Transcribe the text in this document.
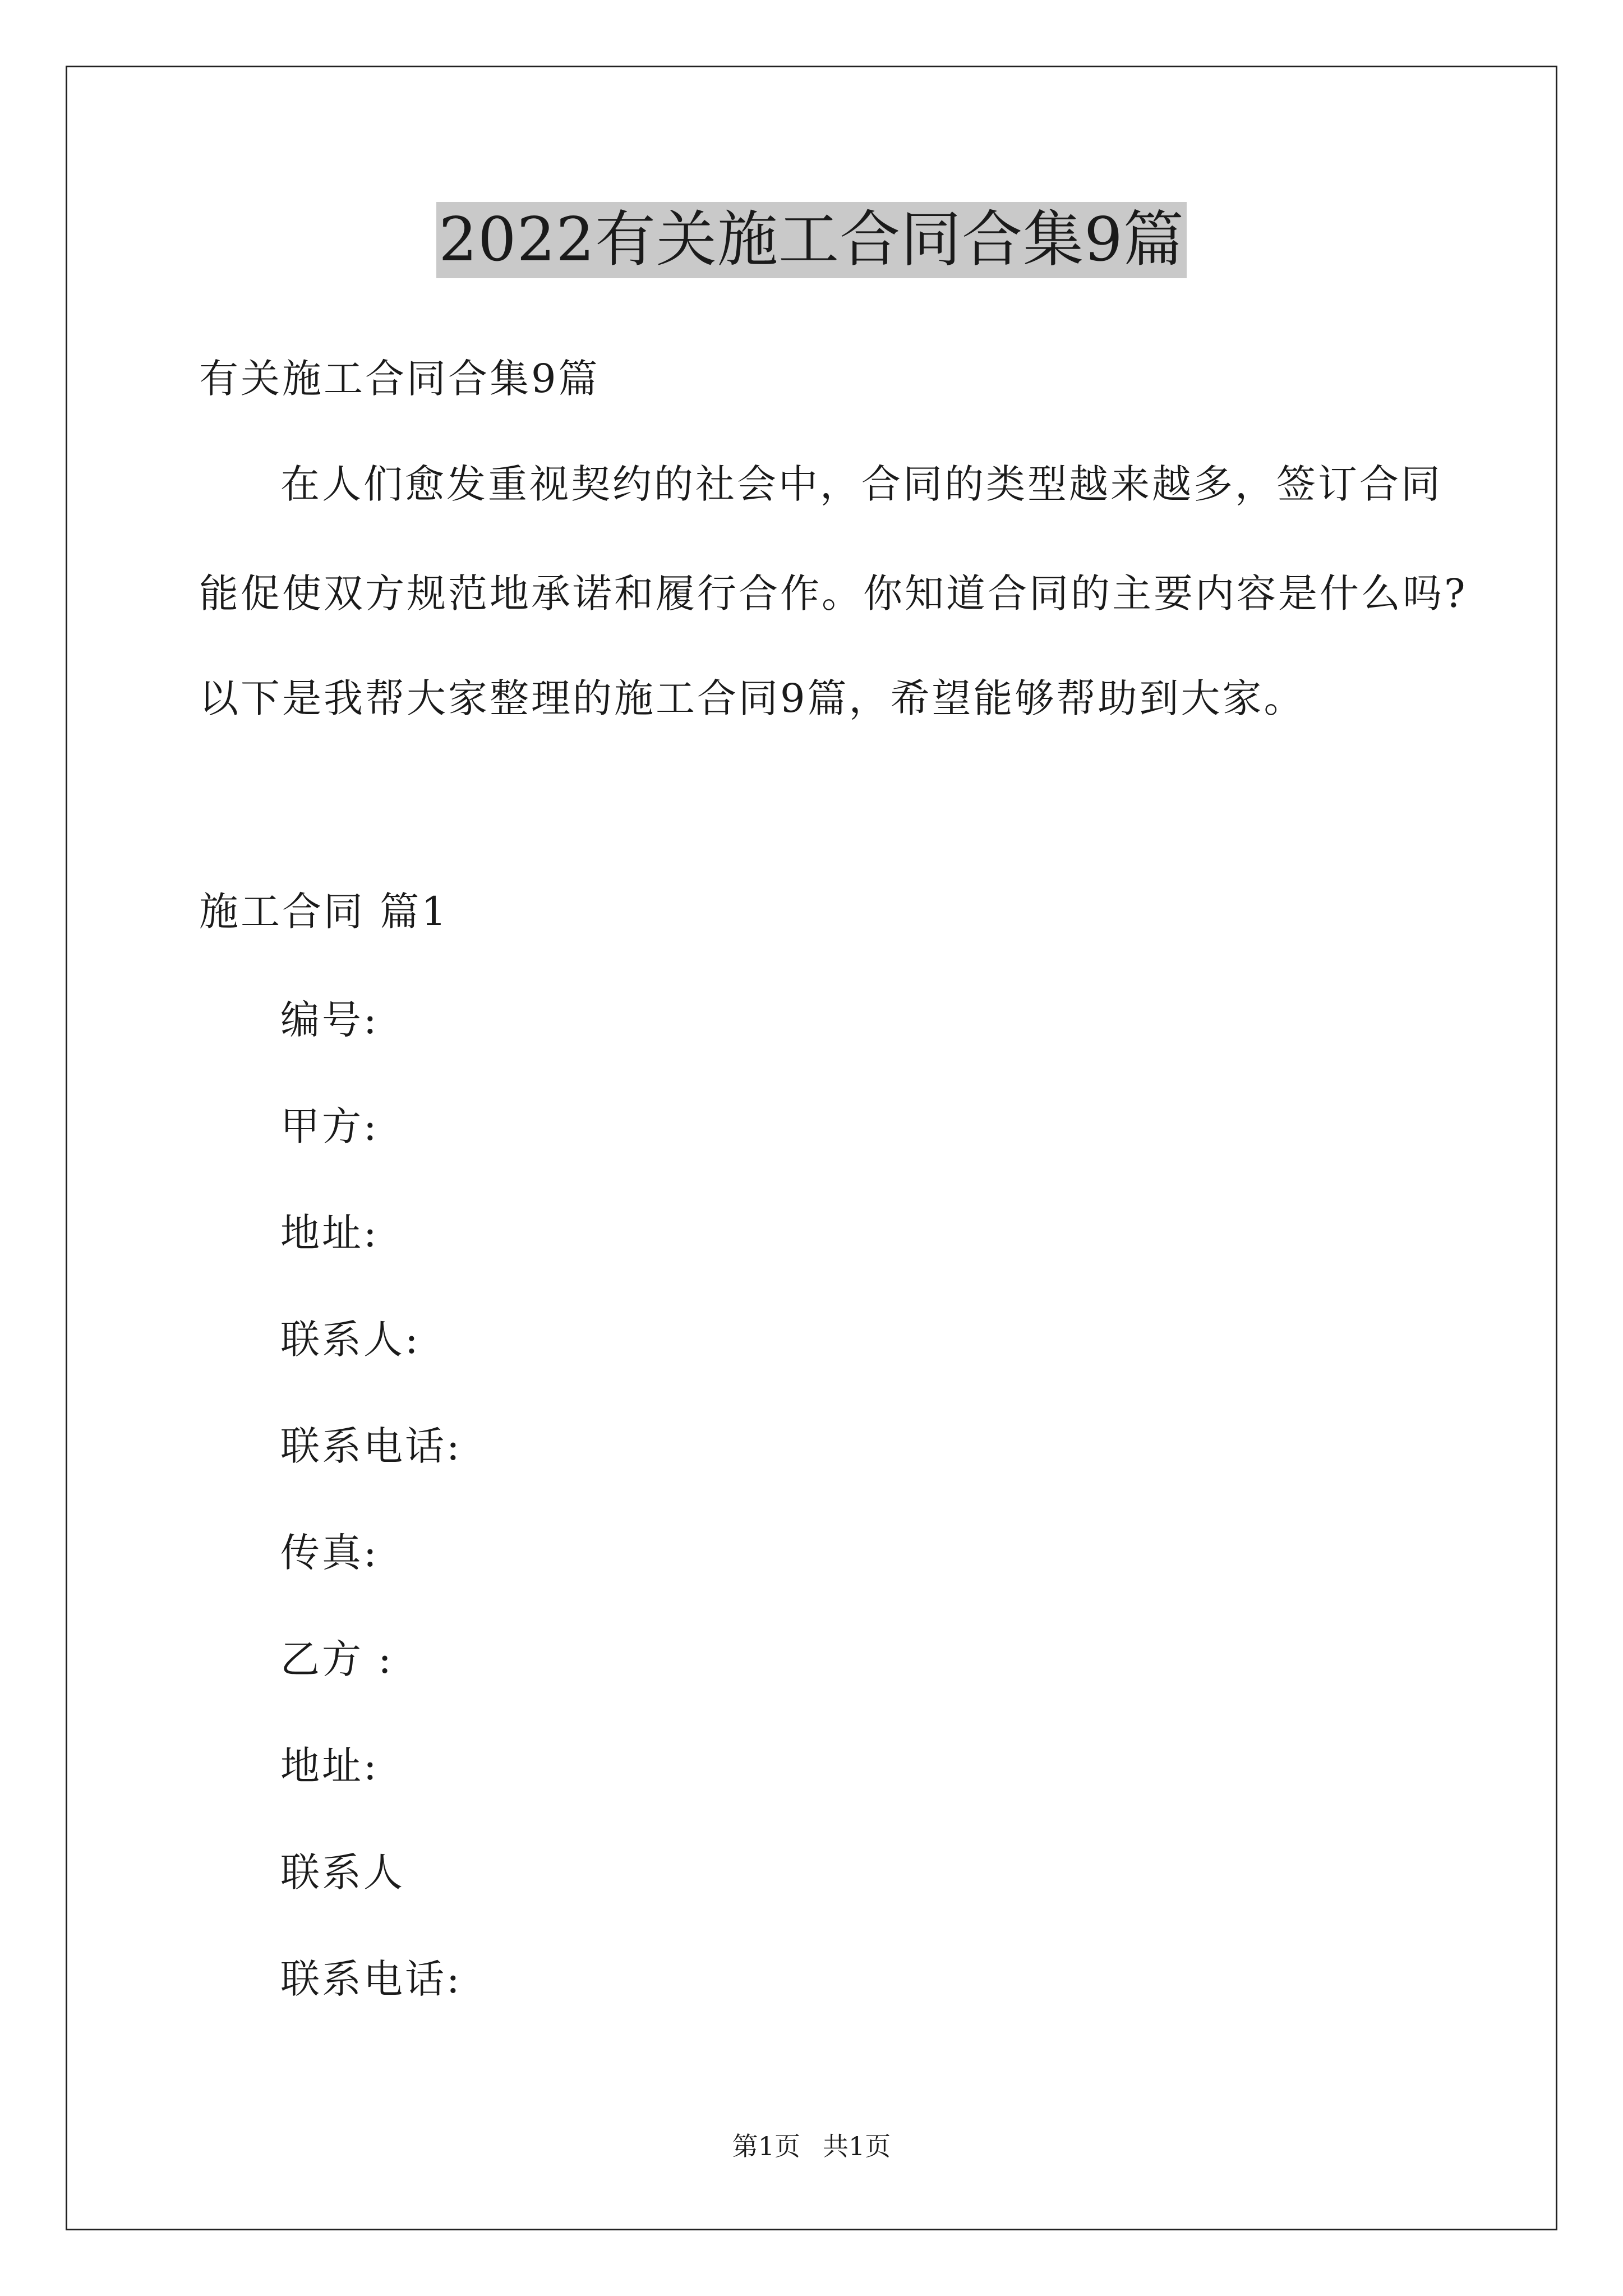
2022有关施工合同合集9篇
有关施工合同合集9篇
在人们愈发重视契约的社会中，合同的类型越来越多，签订合同
能促使双方规范地承诺和履行合作。你知道合同的主要内容是什么吗?
以下是我帮大家整理的施工合同9篇，希望能够帮助到大家。
施工合同 篇1
编号:
甲方:
地址:
联系人:
联系电话:
传真:
乙方 :
地址:
联系人
联系电话:
第1页 共1页
